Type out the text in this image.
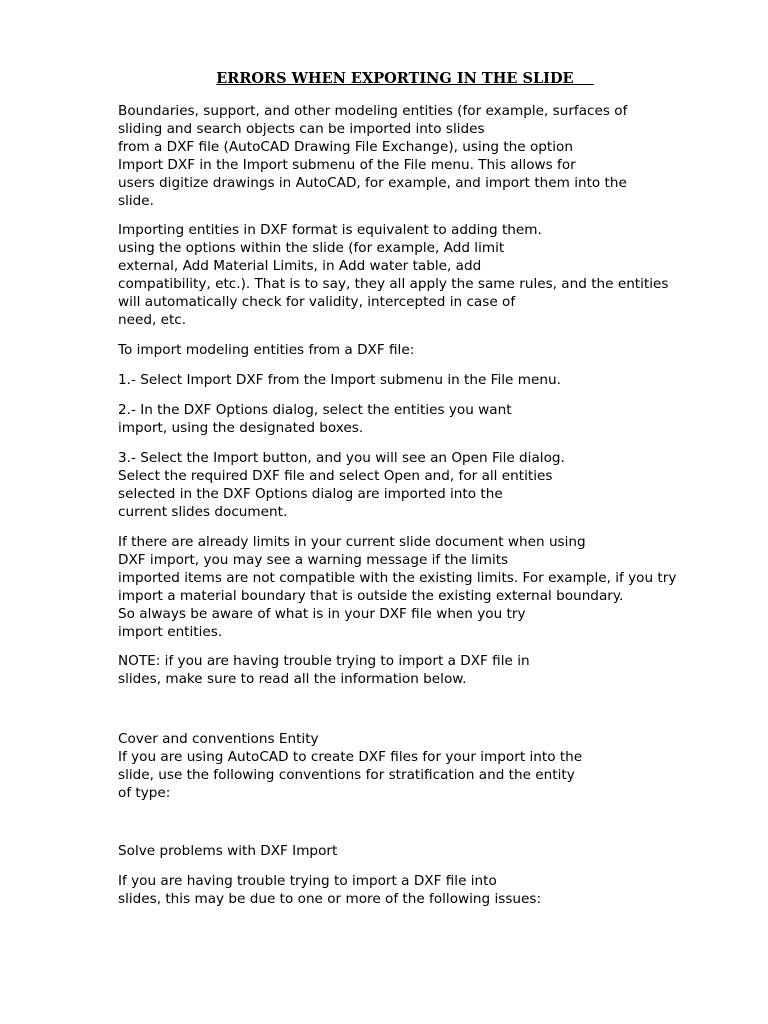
ERRORS WHEN EXPORTING IN THE SLIDE
Boundaries, support, and other modeling entities (for example, surfaces of
sliding and search objects can be imported into slides
from a DXF file (AutoCAD Drawing File Exchange), using the option
Import DXF in the Import submenu of the File menu. This allows for
users digitize drawings in AutoCAD, for example, and import them into the
slide.
Importing entities in DXF format is equivalent to adding them.
using the options within the slide (for example, Add limit
external, Add Material Limits, in Add water table, add
compatibility, etc.). That is to say, they all apply the same rules, and the entities
will automatically check for validity, intercepted in case of
need, etc.
To import modeling entities from a DXF file:
1.- Select Import DXF from the Import submenu in the File menu.
2.- In the DXF Options dialog, select the entities you want
import, using the designated boxes.
3.- Select the Import button, and you will see an Open File dialog.
Select the required DXF file and select Open and, for all entities
selected in the DXF Options dialog are imported into the
current slides document.
If there are already limits in your current slide document when using
DXF import, you may see a warning message if the limits
imported items are not compatible with the existing limits. For example, if you try
import a material boundary that is outside the existing external boundary.
So always be aware of what is in your DXF file when you try
import entities.
NOTE: if you are having trouble trying to import a DXF file in
slides, make sure to read all the information below.
Cover and conventions Entity
If you are using AutoCAD to create DXF files for your import into the
slide, use the following conventions for stratification and the entity
of type:
Solve problems with DXF Import
If you are having trouble trying to import a DXF file into
slides, this may be due to one or more of the following issues:
